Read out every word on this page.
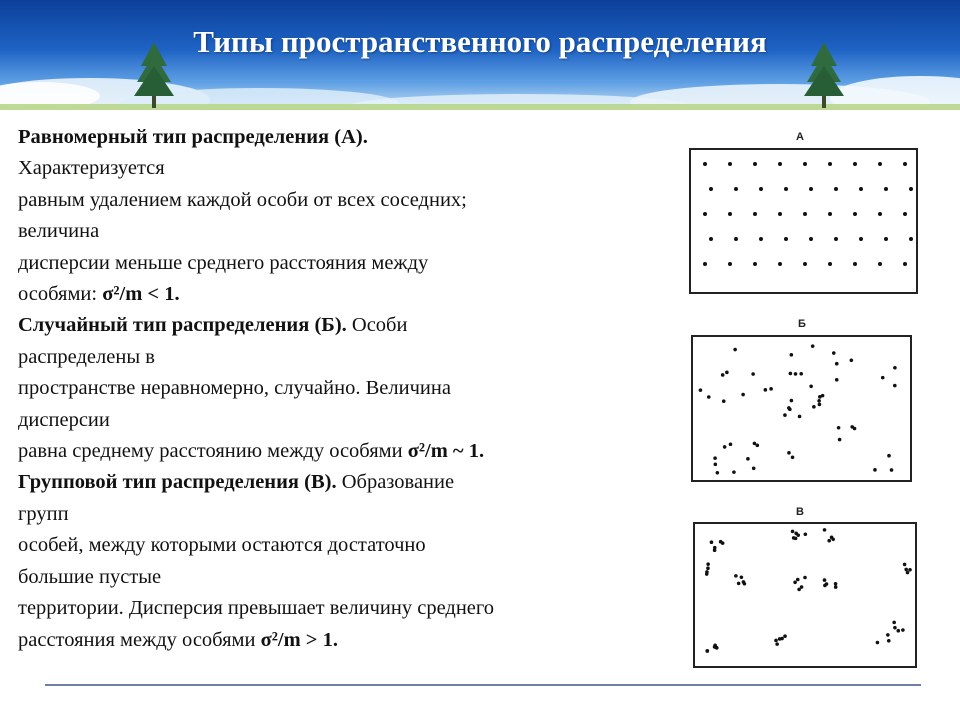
Типы пространственного распределения
Равномерный тип распределения (А).
Характеризуется
равным удалением каждой особи от всех соседних;
величина
дисперсии меньше среднего расстояния между
особями: σ²/m < 1.
Случайный тип распределения (Б). Особи
распределены в
пространстве неравномерно, случайно. Величина
дисперсии
равна среднему расстоянию между особями σ²/m ~ 1.
Групповой тип распределения (В). Образование
групп
особей, между которыми остаются достаточно
большие пустые
территории. Дисперсия превышает величину среднего
расстояния между особями σ²/m > 1.
А
Б
В
